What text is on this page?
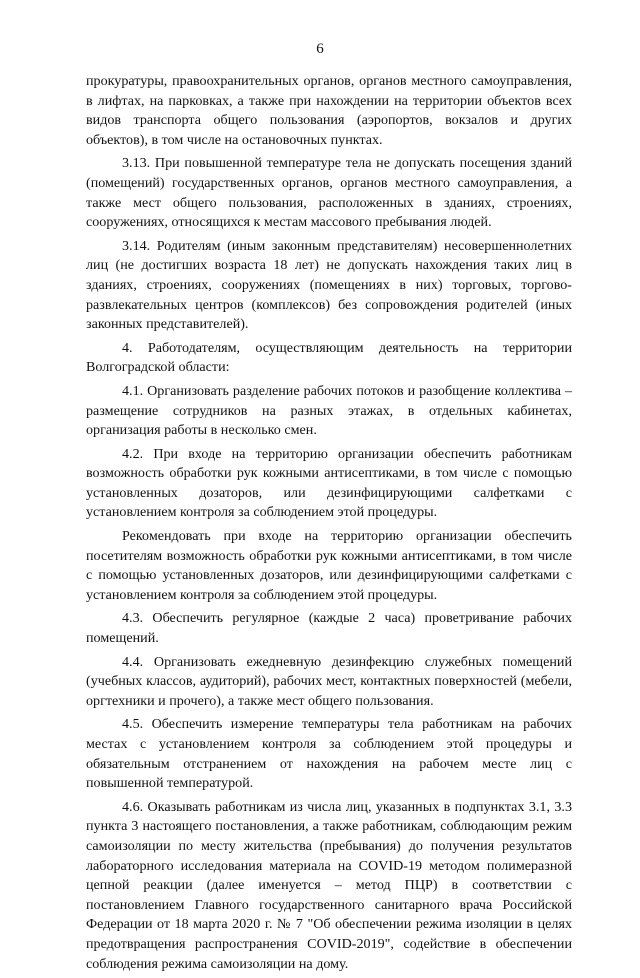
6

прокуратуры, правоохранительных органов, органов местного самоуправления, в лифтах, на парковках, а также при нахождении на территории объектов всех видов транспорта общего пользования (аэропортов, вокзалов и других объектов), в том числе на остановочных пунктах.

3.13. При повышенной температуре тела не допускать посещения зданий (помещений) государственных органов, органов местного самоуправления, а также мест общего пользования, расположенных в зданиях, строениях, сооружениях, относящихся к местам массового пребывания людей.

3.14. Родителям (иным законным представителям) несовершеннолетних лиц (не достигших возраста 18 лет) не допускать нахождения таких лиц в зданиях, строениях, сооружениях (помещениях в них) торговых, торгово-развлекательных центров (комплексов) без сопровождения родителей (иных законных представителей).

4. Работодателям, осуществляющим деятельность на территории Волгоградской области:

4.1. Организовать разделение рабочих потоков и разобщение коллектива – размещение сотрудников на разных этажах, в отдельных кабинетах, организация работы в несколько смен.

4.2. При входе на территорию организации обеспечить работникам возможность обработки рук кожными антисептиками, в том числе с помощью установленных дозаторов, или дезинфицирующими салфетками с установлением контроля за соблюдением этой процедуры.

Рекомендовать при входе на территорию организации обеспечить посетителям возможность обработки рук кожными антисептиками, в том числе с помощью установленных дозаторов, или дезинфицирующими салфетками с установлением контроля за соблюдением этой процедуры.

4.3. Обеспечить регулярное (каждые 2 часа) проветривание рабочих помещений.

4.4. Организовать ежедневную дезинфекцию служебных помещений (учебных классов, аудиторий), рабочих мест, контактных поверхностей (мебели, оргтехники и прочего), а также мест общего пользования.

4.5. Обеспечить измерение температуры тела работникам на рабочих местах с установлением контроля за соблюдением этой процедуры и обязательным отстранением от нахождения на рабочем месте лиц с повышенной температурой.

4.6. Оказывать работникам из числа лиц, указанных в подпунктах 3.1, 3.3 пункта 3 настоящего постановления, а также работникам, соблюдающим режим самоизоляции по месту жительства (пребывания) до получения результатов лабораторного исследования материала на COVID-19 методом полимеразной цепной реакции (далее именуется – метод ПЦР) в соответствии с постановлением Главного государственного санитарного врача Российской Федерации от 18 марта 2020 г. № 7 "Об обеспечении режима изоляции в целях предотвращения распространения COVID-2019", содействие в обеспечении соблюдения режима самоизоляции на дому.
